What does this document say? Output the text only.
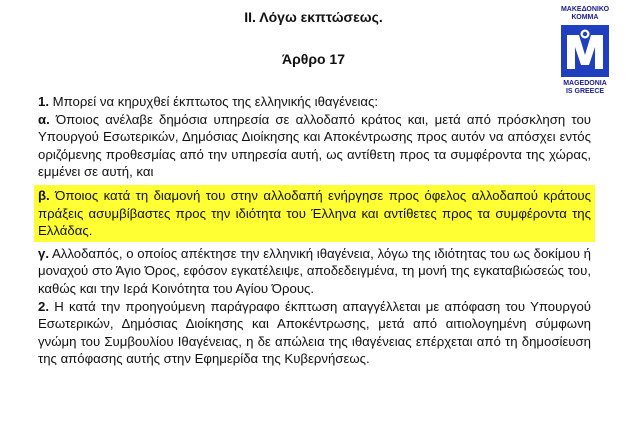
ΙΙ. Λόγω εκπτώσεως.
Άρθρο 17
ΜΑΚΕΔΟΝΙΚΟ
ΚΟΜΜΑ
MAGEDONIA
IS GREECE

1. Μπορεί να κηρυχθεί έκπτωτος της ελληνικής ιθαγένειας:

α. Όποιος ανέλαβε δημόσια υπηρεσία σε αλλοδαπό κράτος και, μετά από πρόσκληση του Υπουργού Εσωτερικών, Δημόσιας Διοίκησης και Αποκέντρωσης προς αυτόν να απόσχει εντός οριζόμενης προθεσμίας από την υπηρεσία αυτή, ως αντίθετη προς τα συμφέροντα της χώρας, εμμένει σε αυτή, και

β. Όποιος κατά τη διαμονή του στην αλλοδαπή ενήργησε προς όφελος αλλοδαπού κράτους πράξεις ασυμβίβαστες προς την ιδιότητα του Έλληνα και αντίθετες προς τα συμφέροντα της Ελλάδας.

γ. Αλλοδαπός, ο οποίος απέκτησε την ελληνική ιθαγένεια, λόγω της ιδιότητας του ως δοκίμου ή μοναχού στο Άγιο Όρος, εφόσον εγκατέλειψε, αποδεδειγμένα, τη μονή της εγκαταβιώσεώς του, καθώς και την Ιερά Κοινότητα του Αγίου Όρους.

2. Η κατά την προηγούμενη παράγραφο έκπτωση απαγγέλλεται με απόφαση του Υπουργού Εσωτερικών, Δημόσιας Διοίκησης και Αποκέντρωσης, μετά από αιτιολογημένη σύμφωνη γνώμη του Συμβουλίου Ιθαγένειας, η δε απώλεια της ιθαγένειας επέρχεται από τη δημοσίευση της απόφασης αυτής στην Εφημερίδα της Κυβερνήσεως.
